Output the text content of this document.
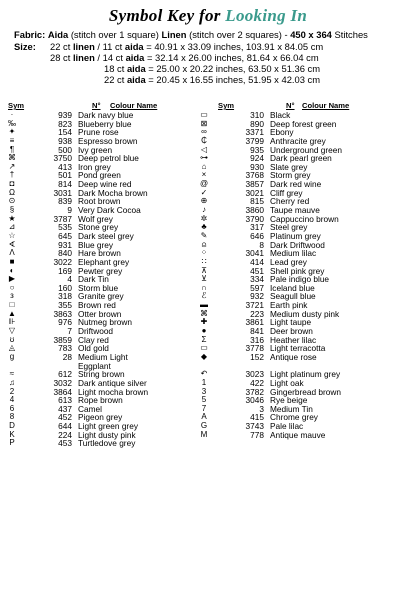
Symbol Key for Looking In
Fabric: Aida (stitch over 1 square) Linen (stitch over 2 squares) - 450 x 364 Stitches
Size: 22 ct linen / 11 ct aida = 40.91 x 33.09 inches, 103.91 x 84.05 cm
28 ct linen / 14 ct aida = 32.14 x 26.00 inches, 81.64 x 66.04 cm
18 ct aida = 25.00 x 20.22 inches, 63.50 x 51.36 cm
22 ct aida = 20.45 x 16.55 inches, 51.95 x 42.03 cm
Sym	N° Colour Name	Sym	N° Colour Name
·	939 Dark navy blue
‰	823 Blueberry blue
✦	154 Prune rose
≡	938 Espresso brown
¶	500 Ivy green
⌘	3750 Deep petrol blue
↗	413 Iron grey
†	501 Pond green
◘	814 Deep wine red
Ω	3031 Dark Mocha brown
⊙	839 Root brown
§	9 Very Dark Cocoa
★	3787 Wolf grey
⊿	535 Stone grey
☆	645 Dark steel grey
∢	931 Blue grey
Λ	840 Hare brown
■	3022 Elephant grey
◐	169 Pewter grey
▶	4 Dark Tin
○	160 Storm blue
з	318 Granite grey
□	355 Brown red
▲	3863 Otter brown
⊪	976 Nutmeg brown
▽	7 Driftwood
ʊ	3859 Clay red
◬	783 Old gold
g	28 Medium Light
Eggplant
≈	612 String brown
♫	3032 Dark antique silver
2	3864 Light mocha brown
4	613 Rope brown
6	437 Camel
8	452 Pigeon grey
D	644 Light green grey
K	224 Light dusty pink
P	453 Turtledove grey
▭	310 Black
⊠	890 Deep forest green
∞	3371 Ebony
₵	3799 Anthracite grey
◁	935 Underground green
⊶	924 Dark pearl green
⌂	930 Slate grey
×	3768 Storm grey
@	3857 Dark red wine
✓	3021 Cliff grey
⊕	815 Cherry red
♪	3860 Taupe mauve
✲	3790 Cappuccino brown
♣	317 Steel grey
✎	646 Platinum grey
⍝	8 Dark Driftwood
⁘	3041 Medium lilac
∷	414 Lead grey
⊼	451 Shell pink grey
⊻	334 Pale indigo blue
∩	597 Iceland blue
ℰ	932 Seagull blue
▬	3721 Earth pink
⌘	223 Medium dusty pink
✚	3861 Light taupe
●	841 Deer brown
Σ	316 Heather lilac
▭	3778 Light terracotta
◆	152 Antique rose
↶	3023 Light platinum grey
1	422 Light oak
3	3782 Gingerbread brown
5	3046 Rye beige
7	3 Medium Tin
A	415 Chrome grey
G	3743 Pale lilac
M	778 Antique mauve
